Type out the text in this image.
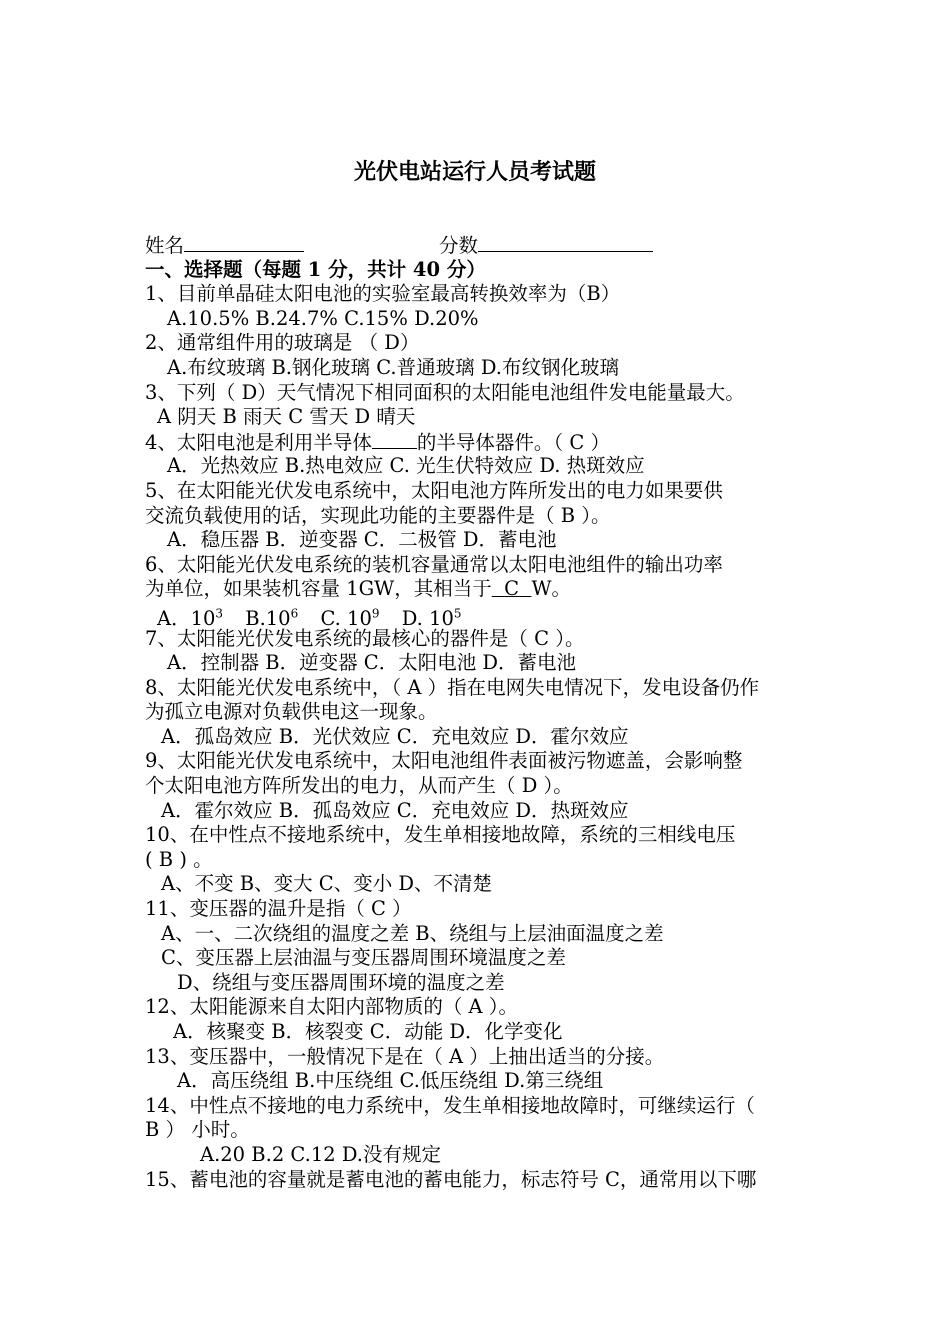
光伏电站运行人员考试题
姓名	分数
一、选择题（每题 1 分，共计 40 分）
1、目前单晶硅太阳电池的实验室最高转换效率为（B）
A.10.5% B.24.7% C.15% D.20%
2、通常组件用的玻璃是 （ D）
A.布纹玻璃 B.钢化玻璃 C.普通玻璃 D.布纹钢化玻璃
3、下列（ D）天气情况下相同面积的太阳能电池组件发电能量最大。
A 阴天 B 雨天 C 雪天 D 晴天
4、太阳电池是利用半导体 的半导体器件。（ C ）
A．光热效应 B.热电效应 C. 光生伏特效应 D. 热斑效应
5、在太阳能光伏发电系统中，太阳电池方阵所发出的电力如果要供
交流负载使用的话，实现此功能的主要器件是（ B ）。
A．稳压器 B．逆变器 C．二极管 D．蓄电池
6、太阳能光伏发电系统的装机容量通常以太阳电池组件的输出功率
为单位，如果装机容量 1GW，其相当于 C W。
A．$10^3$ $B.10^6$ C. $10^9$ D. $10^5$
7、太阳能光伏发电系统的最核心的器件是（ C ）。
A．控制器 B．逆变器 C．太阳电池 D．蓄电池
8、太阳能光伏发电系统中，（ A ）指在电网失电情况下，发电设备仍作
为孤立电源对负载供电这一现象。
A．孤岛效应 B．光伏效应 C．充电效应 D．霍尔效应
9、太阳能光伏发电系统中，太阳电池组件表面被污物遮盖，会影响整
个太阳电池方阵所发出的电力，从而产生（ D ）。
A．霍尔效应 B．孤岛效应 C．充电效应 D．热斑效应
10、在中性点不接地系统中，发生单相接地故障，系统的三相线电压
( B ) 。
A、不变 B、变大 C、变小 D、不清楚
11、变压器的温升是指（ C ）
A、一、二次绕组的温度之差 B、绕组与上层油面温度之差
C、变压器上层油温与变压器周围环境温度之差
D、绕组与变压器周围环境的温度之差
12、太阳能源来自太阳内部物质的（ A ）。
A．核聚变 B．核裂变 C．动能 D．化学变化
13、变压器中，一般情况下是在（ A ）上抽出适当的分接。
A．高压绕组 B.中压绕组 C.低压绕组 D.第三绕组
14、中性点不接地的电力系统中，发生单相接地故障时，可继续运行（
B ） 小时。
A.20 B.2 C.12 D.没有规定
15、蓄电池的容量就是蓄电池的蓄电能力，标志符号 C，通常用以下哪
